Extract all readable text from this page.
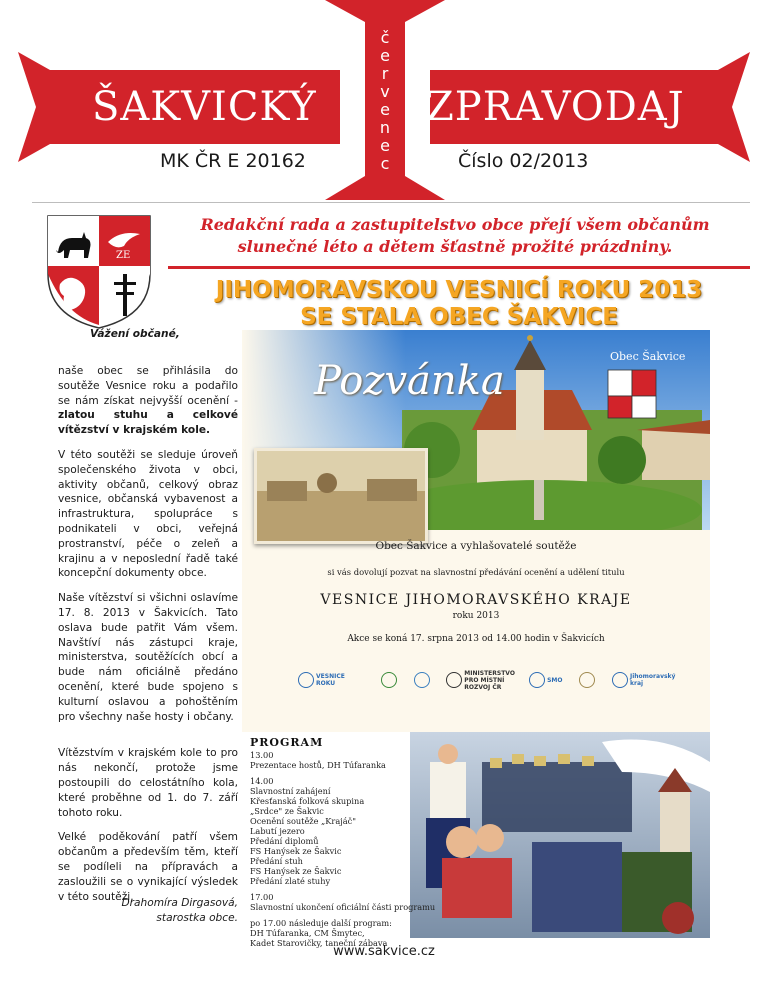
ŠAKVICKÝ	ZPRAVODAJ
MK ČR E 20162	Číslo 02/2013
č
e
r
v
e
n
e
c
ZE
Redakční rada a zastupitelstvo obce přejí všem občanům
slunečné léto a dětem šťastně prožité prázdniny.
JIHOMORAVSKOU VESNICÍ ROKU 2013
SE STALA OBEC ŠAKVICE
Vážení občané,

naše obec se přihlásila do soutěže Vesnice roku a podařilo se nám získat nejvyšší ocenění - zlatou stuhu a celkové vítězství v krajském kole.

V této soutěži se sleduje úroveň společenského života v obci, aktivity občanů, celkový obraz vesnice, občanská vybavenost a infrastruktura, spolupráce s podnikateli v obci, veřejná prostranství, péče o zeleň a krajinu a v neposlední řadě také koncepční dokumenty obce.

Naše vítězství si všichni oslavíme 17. 8. 2013 v Šakvicích. Tato oslava bude patřit Vám všem. Navštíví nás zástupci kraje, ministerstva, soutěžících obcí a bude nám oficiálně předáno ocenění, které bude spojeno s kulturní oslavou a pohoštěním pro všechny naše hosty i občany.

Vítězstvím v krajském kole to pro nás nekončí, protože jsme postoupili do celostátního kola, které proběhne od 1. do 7. září tohoto roku.

Velké poděkování patří všem občanům a především těm, kteří se podíleli na přípravách a zasloužili se o vynikající výsledek v této soutěži.

Drahomíra Dirgasová,
starostka obce.
Pozvánka
Obec Šakvice
Obec Šakvice a vyhlašovatelé soutěže
si vás dovolují pozvat na slavnostní předávání ocenění a udělení titulu
VESNICE JIHOMORAVSKÉHO KRAJE
roku 2013
Akce se koná 17. srpna 2013 od 14.00 hodin v Šakvicích
VESNICE ROKU
MINISTERSTVO PRO MÍSTNÍ ROZVOJ ČR
SMO	Jihomoravský kraj
PROGRAM
13.00
Prezentace hostů, DH Túfaranka
14.00
Slavnostní zahájení
Křesťanská folková skupina
„Srdce" ze Šakvic
Ocenění soutěže „Krajáč"
Labutí jezero
Předání diplomů
FS Hanýsek ze Šakvic
Předání stuh
FS Hanýsek ze Šakvic
Předání zlaté stuhy
17.00
Slavnostní ukončení oficiální části programu
po 17.00 následuje další program:
DH Túfaranka, CM Šmytec,
Kadet Starovičky, taneční zábava
www.sakvice.cz
